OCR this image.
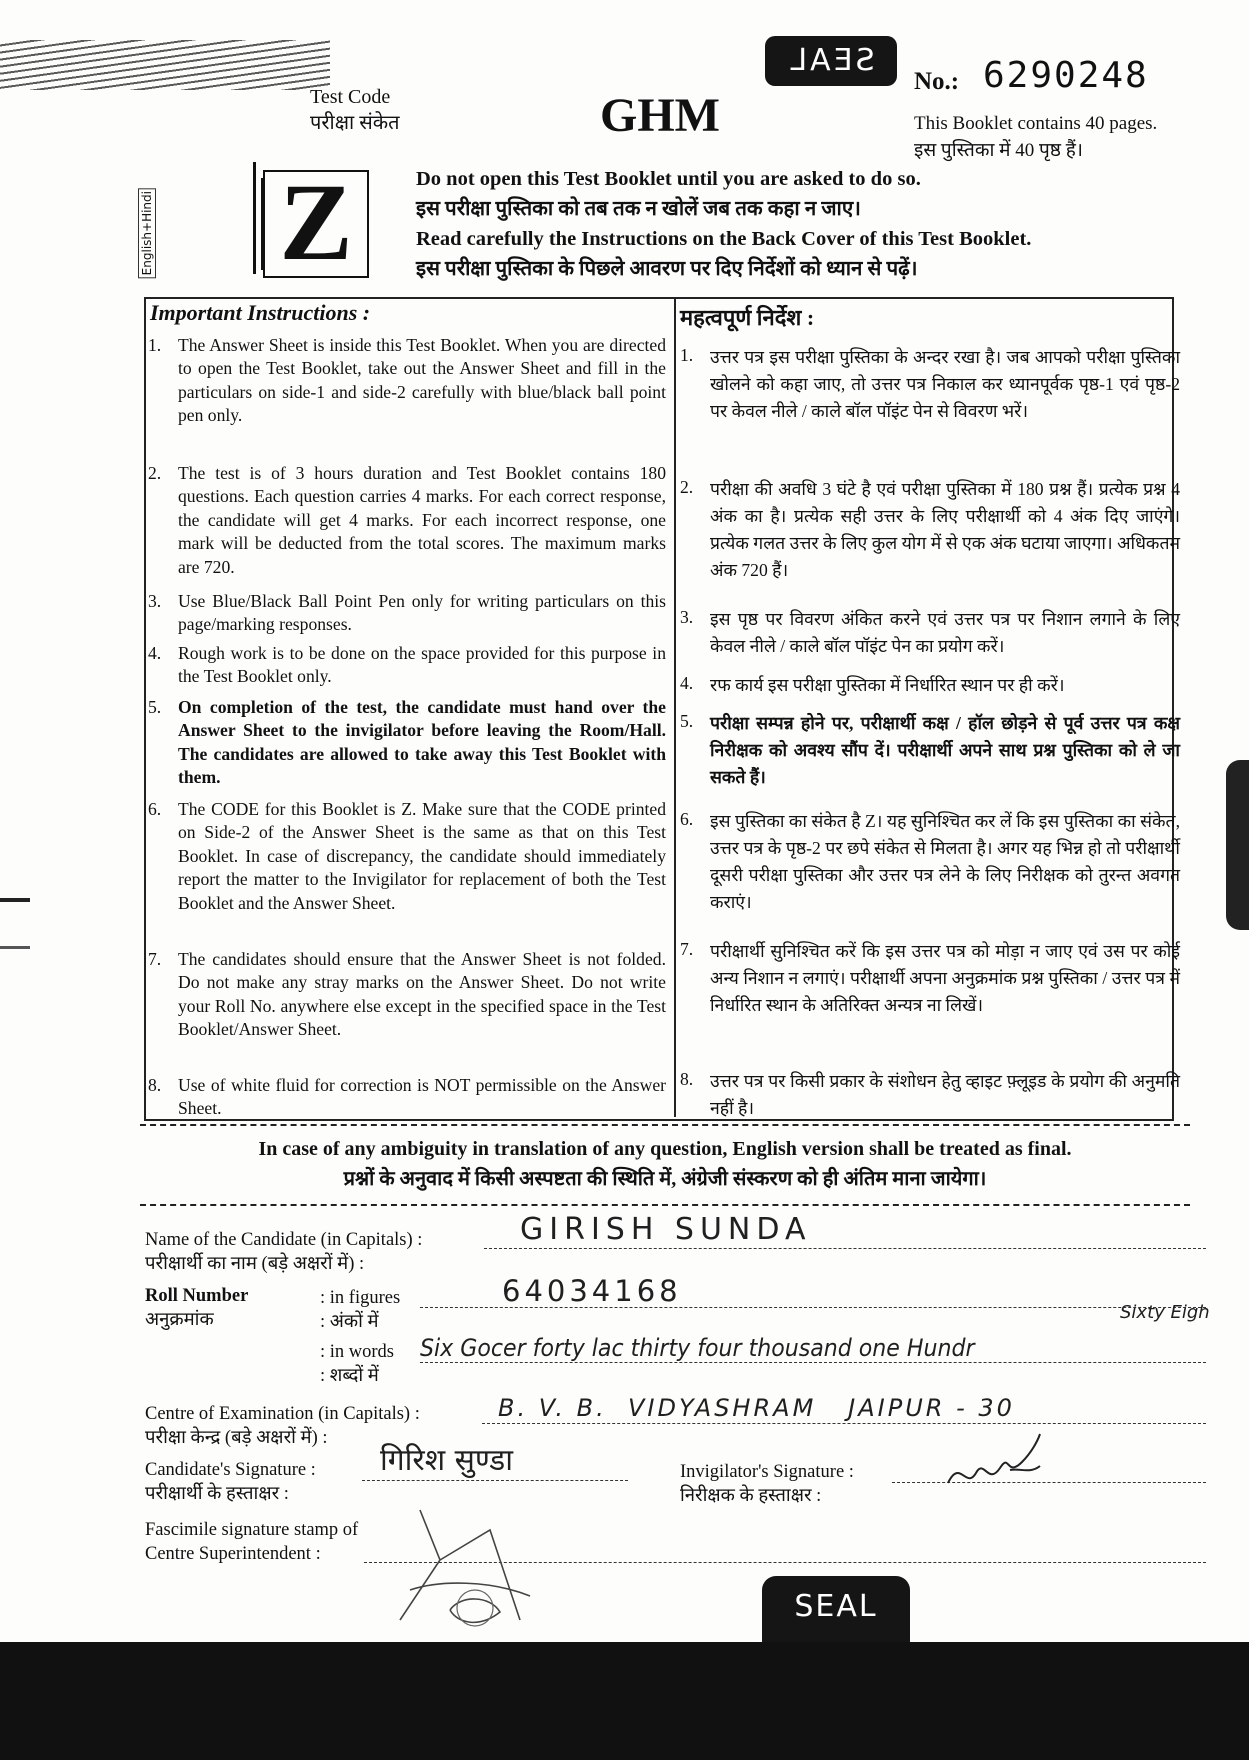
SEAL
Test Code
परीक्षा संकेत	GHM
No.: 6290248
This Booklet contains 40 pages.
इस पुस्तिका में 40 पृष्ठ हैं।
English+Hindi Z	Do not open this Test Booklet until you are asked to do so.
इस परीक्षा पुस्तिका को तब तक न खोलें जब तक कहा न जाए।
Read carefully the Instructions on the Back Cover of this Test Booklet.
इस परीक्षा पुस्तिका के पिछले आवरण पर दिए निर्देशों को ध्यान से पढ़ें।
Important Instructions :	महत्वपूर्ण निर्देश :
1. The Answer Sheet is inside this Test Booklet. When you are directed to open the Test Booklet, take out the Answer Sheet and fill in the particulars on side-1 and side-2 carefully with blue/black ball point pen only.
2. The test is of 3 hours duration and Test Booklet contains 180 questions. Each question carries 4 marks. For each correct response, the candidate will get 4 marks. For each incorrect response, one mark will be deducted from the total scores. The maximum marks are 720.
3. Use Blue/Black Ball Point Pen only for writing particulars on this page/marking responses.
4. Rough work is to be done on the space provided for this purpose in the Test Booklet only.
5. On completion of the test, the candidate must hand over the Answer Sheet to the invigilator before leaving the Room/Hall. The candidates are allowed to take away this Test Booklet with them.
6. The CODE for this Booklet is Z. Make sure that the CODE printed on Side-2 of the Answer Sheet is the same as that on this Test Booklet. In case of discrepancy, the candidate should immediately report the matter to the Invigilator for replacement of both the Test Booklet and the Answer Sheet.
7. The candidates should ensure that the Answer Sheet is not folded. Do not make any stray marks on the Answer Sheet. Do not write your Roll No. anywhere else except in the specified space in the Test Booklet/Answer Sheet.
8. Use of white fluid for correction is NOT permissible on the Answer Sheet.
1. उत्तर पत्र इस परीक्षा पुस्तिका के अन्दर रखा है। जब आपको परीक्षा पुस्तिका खोलने को कहा जाए, तो उत्तर पत्र निकाल कर ध्यानपूर्वक पृष्ठ-1 एवं पृष्ठ-2 पर केवल नीले / काले बॉल पॉइंट पेन से विवरण भरें।
2. परीक्षा की अवधि 3 घंटे है एवं परीक्षा पुस्तिका में 180 प्रश्न हैं। प्रत्येक प्रश्न 4 अंक का है। प्रत्येक सही उत्तर के लिए परीक्षार्थी को 4 अंक दिए जाएंगे। प्रत्येक गलत उत्तर के लिए कुल योग में से एक अंक घटाया जाएगा। अधिकतम अंक 720 हैं।
3. इस पृष्ठ पर विवरण अंकित करने एवं उत्तर पत्र पर निशान लगाने के लिए केवल नीले / काले बॉल पॉइंट पेन का प्रयोग करें।
4. रफ कार्य इस परीक्षा पुस्तिका में निर्धारित स्थान पर ही करें।
5. परीक्षा सम्पन्न होने पर, परीक्षार्थी कक्ष / हॉल छोड़ने से पूर्व उत्तर पत्र कक्ष निरीक्षक को अवश्य सौंप दें। परीक्षार्थी अपने साथ प्रश्न पुस्तिका को ले जा सकते हैं।
6. इस पुस्तिका का संकेत है Z। यह सुनिश्चित कर लें कि इस पुस्तिका का संकेत, उत्तर पत्र के पृष्ठ-2 पर छपे संकेत से मिलता है। अगर यह भिन्न हो तो परीक्षार्थी दूसरी परीक्षा पुस्तिका और उत्तर पत्र लेने के लिए निरीक्षक को तुरन्त अवगत कराएं।
7. परीक्षार्थी सुनिश्चित करें कि इस उत्तर पत्र को मोड़ा न जाए एवं उस पर कोई अन्य निशान न लगाएं। परीक्षार्थी अपना अनुक्रमांक प्रश्न पुस्तिका / उत्तर पत्र में निर्धारित स्थान के अतिरिक्त अन्यत्र ना लिखें।
8. उत्तर पत्र पर किसी प्रकार के संशोधन हेतु व्हाइट फ़्लूइड के प्रयोग की अनुमति नहीं है।
In case of any ambiguity in translation of any question, English version shall be treated as final.
प्रश्नों के अनुवाद में किसी अस्पष्टता की स्थिति में, अंग्रेजी संस्करण को ही अंतिम माना जायेगा।
Name of the Candidate (in Capitals) :
परीक्षार्थी का नाम (बड़े अक्षरों में) :
GIRISH SUNDA
Roll Number
अनुक्रमांक
: in figures
: अंकों में
64034168
: in words
: शब्दों में
Six Gocer forty lac thirty four thousand one Hundr
Sixty Eigh
Centre of Examination (in Capitals) :
परीक्षा केन्द्र (बड़े अक्षरों में) :
B. V. B.  VIDYASHRAM   JAIPUR - 30
Candidate's Signature :
परीक्षार्थी के हस्ताक्षर :
गिरिश सुण्डा	Invigilator's Signature :
निरीक्षक के हस्ताक्षर :
Fascimile signature stamp of
Centre Superintendent :
SEAL
